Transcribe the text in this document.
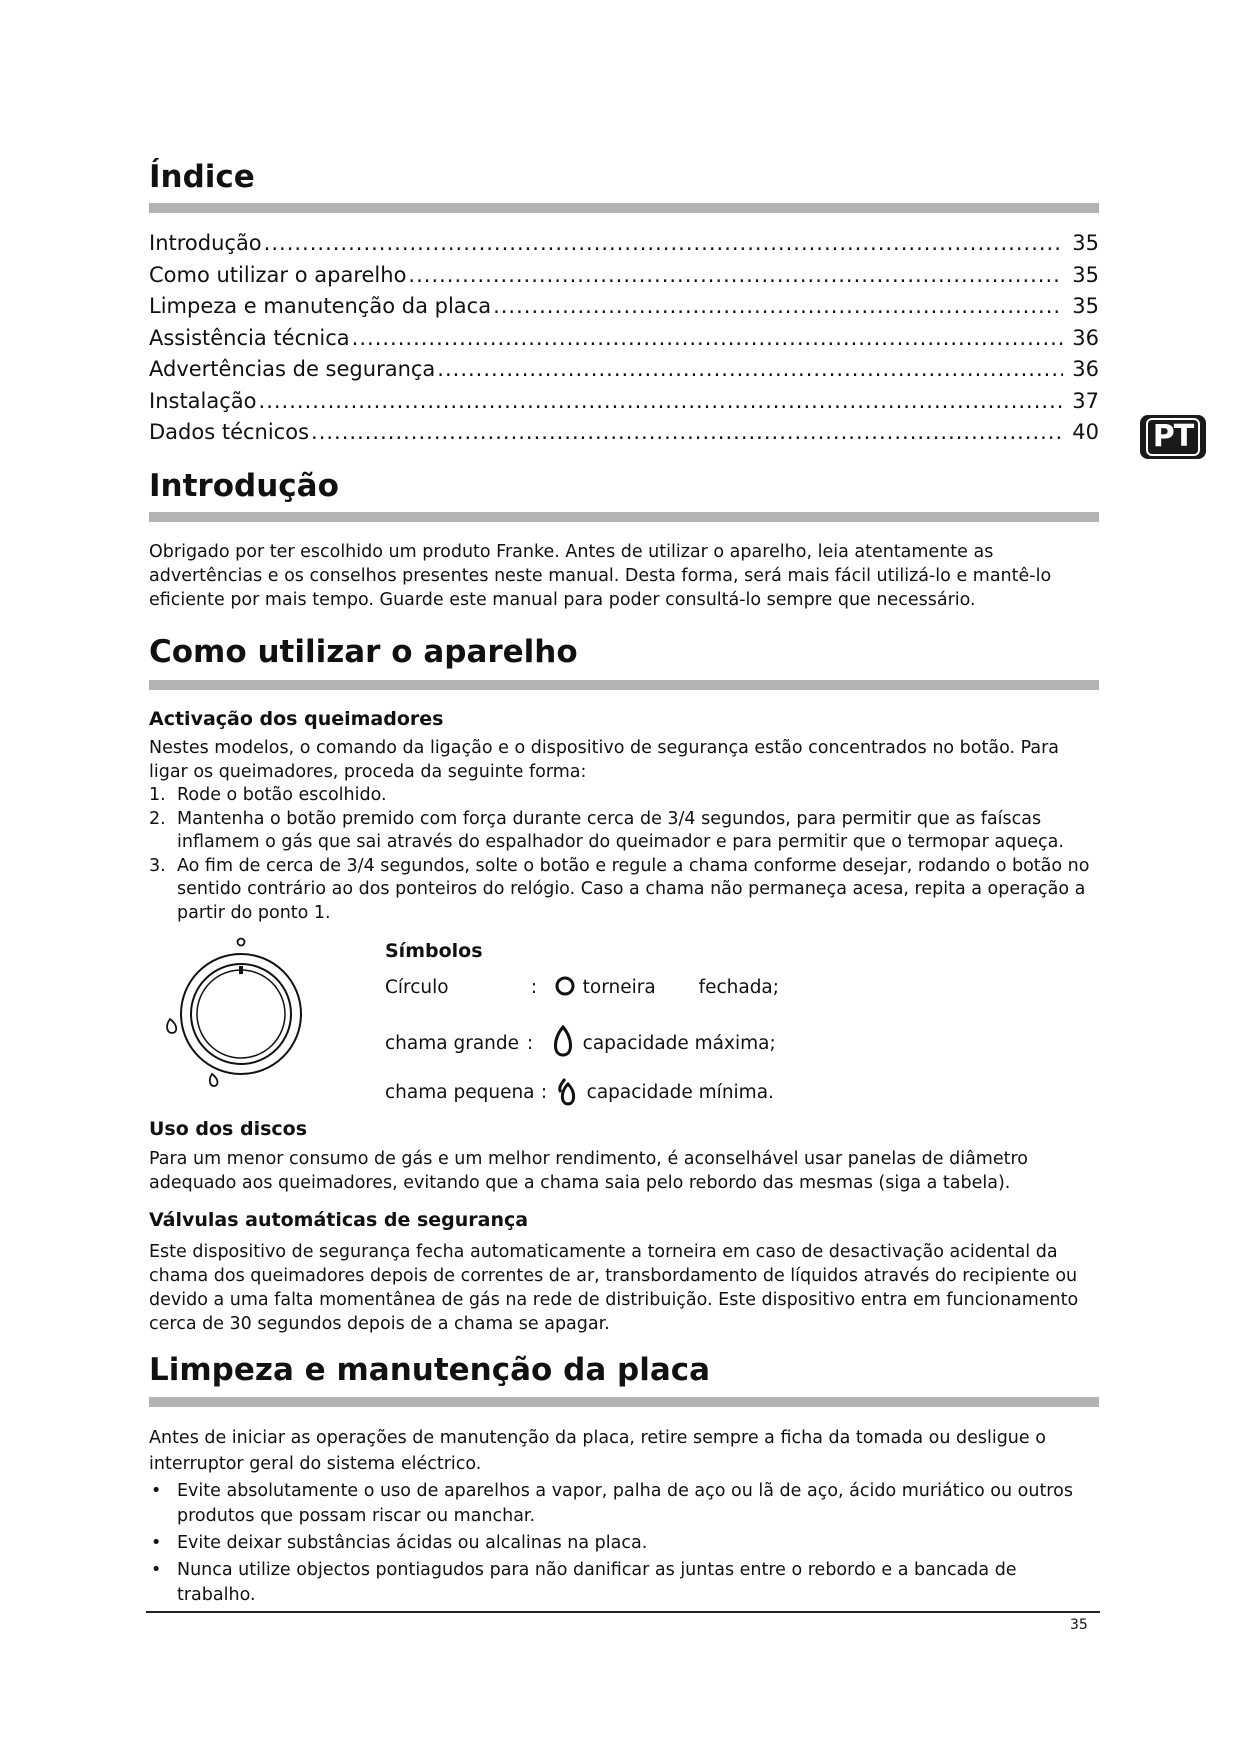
Índice
Introdução .....	35
Como utilizar o aparelho .....	35
Limpeza e manutenção da placa .....	35
Assistência técnica .....	36
Advertências de segurança .....	36
Instalação .....	37
Dados técnicos .....	40
Introdução

Obrigado por ter escolhido um produto Franke. Antes de utilizar o aparelho, leia atentamente as advertências e os conselhos presentes neste manual. Desta forma, será mais fácil utilizá-lo e mantê-lo eficiente por mais tempo. Guarde este manual para poder consultá-lo sempre que necessário.

Como utilizar o aparelho
Activação dos queimadores

Nestes modelos, o comando da ligação e o dispositivo de segurança estão concentrados no botão. Para ligar os queimadores, proceda da seguinte forma:

1. Rode o botão escolhido.
2. Mantenha o botão premido com força durante cerca de 3/4 segundos, para permitir que as faíscas inflamem o gás que sai através do espalhador do queimador e para permitir que o termopar aqueça.
3. Ao fim de cerca de 3/4 segundos, solte o botão e regule a chama conforme desejar, rodando o botão no sentido contrário ao dos ponteiros do relógio. Caso a chama não permaneça acesa, repita a operação a partir do ponto 1.
Símbolos
Círculo	: torneira fechada;
chama grande :	capacidade máxima;
chama pequena : capacidade mínima.
Uso dos discos

Para um menor consumo de gás e um melhor rendimento, é aconselhável usar panelas de diâmetro adequado aos queimadores, evitando que a chama saia pelo rebordo das mesmas (siga a tabela).

Válvulas automáticas de segurança

Este dispositivo de segurança fecha automaticamente a torneira em caso de desactivação acidental da chama dos queimadores depois de correntes de ar, transbordamento de líquidos através do recipiente ou devido a uma falta momentânea de gás na rede de distribuição. Este dispositivo entra em funcionamento cerca de 30 segundos depois de a chama se apagar.

Limpeza e manutenção da placa

Antes de iniciar as operações de manutenção da placa, retire sempre a ficha da tomada ou desligue o interruptor geral do sistema eléctrico.

• Evite absolutamente o uso de aparelhos a vapor, palha de aço ou lã de aço, ácido muriático ou outros produtos que possam riscar ou manchar.
• Evite deixar substâncias ácidas ou alcalinas na placa.
• Nunca utilize objectos pontiagudos para não danificar as juntas entre o rebordo e a bancada de trabalho.
PT
35
